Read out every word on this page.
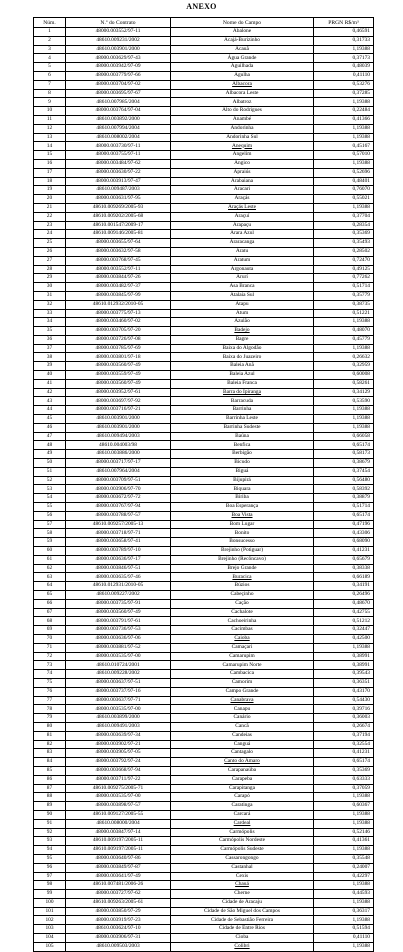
ANEXO
Núm.	N.º do Contrato	Nome do Campo	PRGN R$/m³
1	48000.003552/97-11	Abalone	0,46591
2	48610.009231/2002	Acajá-Burizinho	0,31733
3	48610.003901/2000	Acauã	1,19388
4	48000.003629/97-43	Água Grande	0,37173
5	48000.003942/97-09	Aguilhada	0,48039
6	48000.003779/97-66	Agulha	0,41110
7	48000.003704/97-02	Albacora	0,53276
8	48000.003695/97-67	Albacora Leste	0,37285
9	48610.007985/2004	Albatroz	1,19388
10	48000.003764/97-04	Alto do Rodrigues	0,22484
11	48610.003892/2000	Anambé	0,41366
12	48610.007994/2004	Andorinha	1,19388
13	48610.008002/2004	Andorinha Sul	1,19388
14	48000.003730/97-11	Anequim	0,45167
15	48000.003755/97-11	Angelim	0,57010
16	48000.003484/97-62	Angico	1,19388
17	48000.003630/97-22	Apraiús	0,52696
18	48000.003913/97-47	Arabaiana	0,48401
19	48610.009487/2003	Aracari	0,76070
20	48000.003631/97-95	Araçás	0,55021
21	48610.009269/2005-93	Araçás Leste	1,19388
22	48610.009202/2005-68	Araçuí	0,37704
23	48610.001547/2009-17	Arapaçu	0,28354
24	48610.009146/2005-81	Arara Azul	0,35369
25	48000.003655/97-64	Araracanga	0,35493
26	48000.003632/97-58	Aratu	0,28502
27	48000.003768/97-45	Aratum	0,72470
28	48000.003552/97-11	Argonauta	0,49125
29	48000.003844/97-26	Arurí	0,77262
30	48000.003482/97-37	Asa Branca	0,51714
31	48000.003845/97-99	Atalaia Sul	0,35779
32	48610.012932/2010-05	Atapu	0,38735
33	48000.003775/97-13	Atum	0,51221
34	48000.003460/97-02	Azulão	1,19388
35	48000.003705/97-20	Badejo	0,48070
36	48000.003726/97-08	Bagre	0,45779
37	48000.003785/97-69	Baixa do Algodão	1,19388
38	48000.003801/97-18	Baixa do Juazeiro	0,26632
39	48000.003560/97-49	Baleia Anã	0,32959
40	48000.003559/97-49	Baleia Azul	0,60008
41	48000.003560/97-49	Baleia Franca	0,58261
42	48000.003952/97-61	Barra do Ipiranga	0,34129
43	48000.003697/97-92	Barracuda	0,53590
44	48000.003716/97-21	Barrinha	1,19388
45	48610.003901/2000	Barrinha Leste	1,19388
46	48610.003901/2000	Barrinha Sudeste	1,19388
47	48610.009494/2003	Baúna	0,66058
48	48610.004003/98	Benfica	0,65174
49	48610.003886/2000	Berbigão	0,58173
50	48000.003717/97-17	Bicudo	0,38679
51	48610.007964/2004	Biguá	0,37454
52	48000.003709/97-51	Bijupirá	0,56480
53	48000.003906/97-70	Biquara	0,58392
54	48000.003672/97-72	Biriba	0,38879
55	48000.003767/97-94	Boa Esperança	0,51714
56	48000.003788/97-57	Boa Vista	0,65174
57	48610.009257/2005-13	Bom Lugar	0,47196
58	48000.003718/97-71	Bonito	0,43306
59	48000.003658/97-41	Bonsucesso	0,68090
60	48000.003789/97-10	Brejinho (Potiguar)	0,41231
61	48000.003636/97-17	Brejinho (Recôncavo)	0,65679
62	48000.003846/97-51	Brejo Grande	0,38338
63	48000.003635/97-46	Buracica	0,66189
64	48610.012931/2010-05	Búzios	0,34191
65	48610.009227/2002	Cabeçinho	0,26496
66	48000.003735/97-91	Cação	0,48670
67	48000.003560/97-49	Cachalote	0,42755
68	48000.003791/97-61	Cachoeirinha	0,51212
69	48000.003736/97-53	Cacimbas	0,32447
70	48000.003636/97-06	Caioba	0,42500
71	48000.003881/97-52	Camaçari	1,19388
72	48000.003535/97-00	Camarupim	0,38991
73	48610.010724/2001	Camarupim Norte	0,38991
74	48610.009228/2002	Cambacica	0,39543
75	48000.003637/97-51	Camorim	0,36351
76	48000.003737/97-16	Campo Grande	0,43170
77	48000.003637/97-71	Canabrava	0,54430
78	48000.003535/97-00	Canapu	0,39716
79	48610.003899/2000	Canário	0,36003
80	48610.009491/2003	Cancã	0,26674
81	48000.003639/97-34	Candeias	0,37194
82	48000.003902/97-21	Canguá	0,32554
83	48000.003905/97-05	Cantagalo	0,41231
84	48000.003792/97-24	Canto do Amaro	0,65174
85	48000.003668/97-94	Carapanaúba	0,35369
86	48000.003711/97-22	Carapeba	0,63333
87	48610.009275/2005-71	Carapitanga	0,37059
88	48000.003535/97-00	Carapó	1,19388
89	48000.003898/97-57	Caratinga	0,60367
90	48610.009127/2005-55	Carcará	1,19388
91	48610.008000/2004	Cardeal	1,19388
92	48000.003847/97-14	Carmópolis	0,52146
93	48610.009197/2005-11	Carmópolis Nordeste	0,41361
94	48610.009197/2005-11	Carmópolis Sudeste	1,19388
95	48000.003640/97-86	Cassarongongo	0,35548
96	48000.003849/97-87	Castanhal	0,24007
97	48000.003641/97-49	Cexis	0,42297
98	48610.007481/2006-26	Chauá	1,19388
99	48000.003727/97-62	Cherne	0,44593
100	48610.009263/2005-61	Cidade de Aracaju	1,19388
101	48000.003850/97-29	Cidade de São Miguel dos Campos	0,36317
102	48000.003919/97-23	Cidade de Sebastião Ferreira	1,19388
103	48610.003624/97-10	Cidade de Entre Rios	0,51594
104	48000.003906/97-31	Cioba	0,41110
105	48610.009503/2003	Colibri	1,19388
